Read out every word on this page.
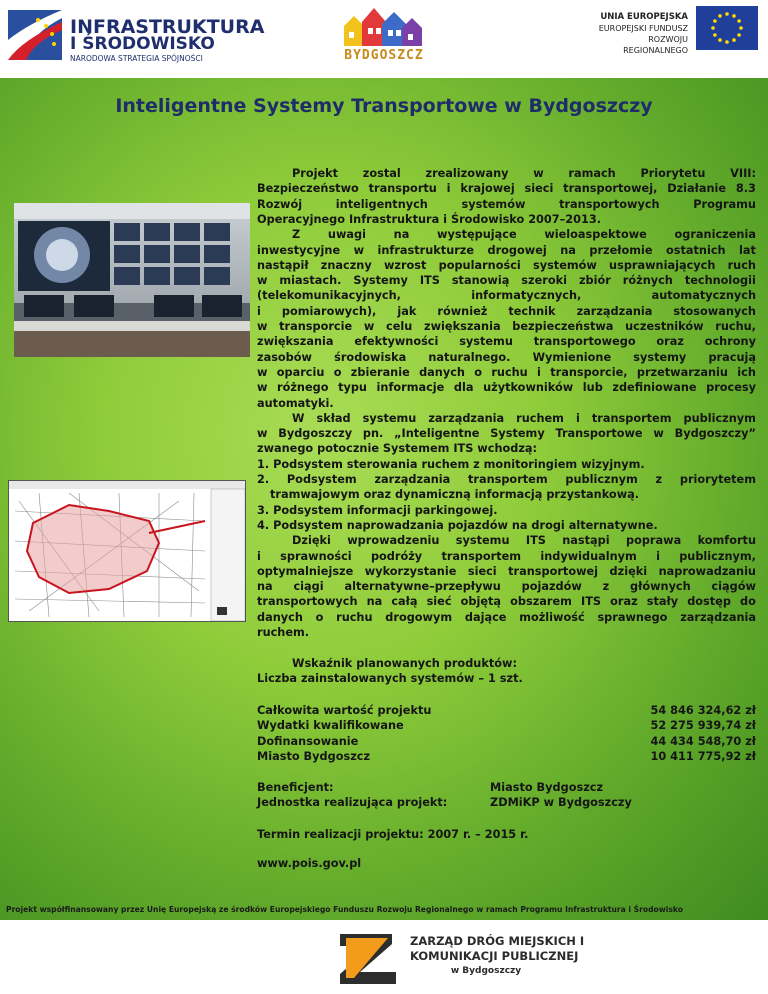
INFRASTRUKTURA
I ŚRODOWISKO
NARODOWA STRATEGIA SPÓJNOŚCI	BYDGOSZCZ
UNIA EUROPEJSKA
EUROPEJSKI FUNDUSZ
ROZWOJU REGIONALNEGO
Inteligentne Systemy Transportowe w Bydgoszczy
Projekt zostal zrealizowany w ramach Priorytetu VIII:
Bezpieczeństwo transportu i krajowej sieci transportowej, Działanie 8.3
Rozwój	inteligentnych	systemów	transportowych	Programu
Operacyjnego Infrastruktura i Środowisko 2007–2013.
Z uwagi na występujące wieloaspektowe ograniczenia
inwestycyjne w infrastrukturze drogowej na przełomie ostatnich lat
nastąpił znaczny wzrost popularności systemów usprawniających ruch
w miastach. Systemy ITS stanowią szeroki zbiór różnych technologii
(telekomunikacyjnych,	informatycznych,	automatycznych
i pomiarowych), jak również technik zarządzania stosowanych
w transporcie w celu zwiększania bezpieczeństwa uczestników ruchu,
zwiększania efektywności systemu transportowego oraz ochrony
zasobów środowiska naturalnego. Wymienione systemy pracują
w oparciu o zbieranie danych o ruchu i transporcie, przetwarzaniu ich
w różnego typu informacje dla użytkowników lub zdefiniowane procesy
automatyki.
W skład systemu zarządzania ruchem i transportem publicznym
w Bydgoszczy pn. „Inteligentne Systemy Transportowe w Bydgoszczy”
zwanego potocznie Systemem ITS wchodzą:
1. Podsystem sterowania ruchem z monitoringiem wizyjnym.
2. Podsystem zarządzania transportem publicznym z priorytetem
tramwajowym oraz dynamiczną informacją przystankową.
3. Podsystem informacji parkingowej.
4. Podsystem naprowadzania pojazdów na drogi alternatywne.
Dzięki wprowadzeniu systemu ITS nastąpi poprawa komfortu
i sprawności podróży transportem indywidualnym i publicznym,
optymalniejsze wykorzystanie sieci transportowej dzięki naprowadzaniu
na ciągi alternatywne–przepływu pojazdów z głównych ciągów
transportowych na całą sieć objętą obszarem ITS oraz stały dostęp do
danych o ruchu drogowym dające możliwość sprawnego zarządzania
ruchem.
Wskaźnik planowanych produktów:
Liczba zainstalowanych systemów – 1 szt.
Całkowita wartość projektu	54 846 324,62 zł
Wydatki kwalifikowane	52 275 939,74 zł
Dofinansowanie	44 434 548,70 zł
Miasto Bydgoszcz	10 411 775,92 zł
Beneficjent:	Miasto Bydgoszcz
Jednostka realizująca projekt:	ZDMiKP w Bydgoszczy
Termin realizacji projektu: 2007 r. – 2015 r.
www.pois.gov.pl
Projekt współfinansowany przez Unię Europejską ze środków Europejskiego Funduszu Rozwoju Regionalnego w ramach Programu Infrastruktura i Środowisko
ZARZĄD DRÓG MIEJSKICH I
KOMUNIKACJI PUBLICZNEJ
w Bydgoszczy
